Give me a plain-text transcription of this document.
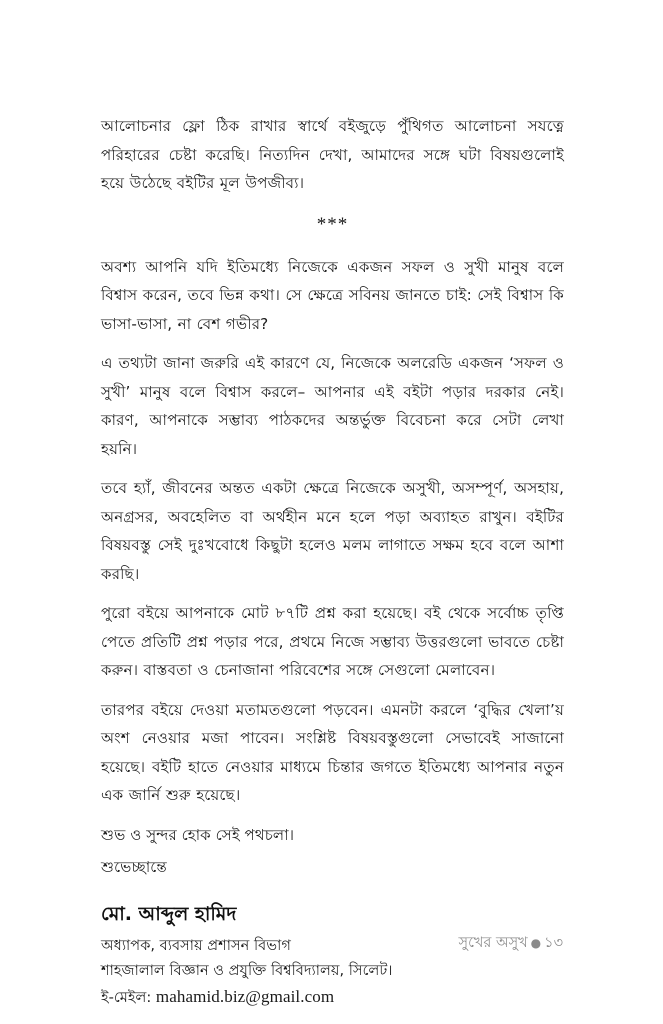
আলোচনার ফ্লো ঠিক রাখার স্বার্থে বইজুড়ে পুঁথিগত আলোচনা সযত্নে পরিহারের চেষ্টা করেছি। নিত্যদিন দেখা, আমাদের সঙ্গে ঘটা বিষয়গুলোই হয়ে উঠেছে বইটির মূল উপজীব্য।

***

অবশ্য আপনি যদি ইতিমধ্যে নিজেকে একজন সফল ও সুখী মানুষ বলে বিশ্বাস করেন, তবে ভিন্ন কথা। সে ক্ষেত্রে সবিনয় জানতে চাই: সেই বিশ্বাস কি ভাসা-ভাসা, না বেশ গভীর?

এ তথ্যটা জানা জরুরি এই কারণে যে, নিজেকে অলরেডি একজন ‘সফল ও সুখী’ মানুষ বলে বিশ্বাস করলে– আপনার এই বইটা পড়ার দরকার নেই। কারণ, আপনাকে সম্ভাব্য পাঠকদের অন্তর্ভুক্ত বিবেচনা করে সেটা লেখা হয়নি।

তবে হ্যাঁ, জীবনের অন্তত একটা ক্ষেত্রে নিজেকে অসুখী, অসম্পূর্ণ, অসহায়, অনগ্রসর, অবহেলিত বা অর্থহীন মনে হলে পড়া অব্যাহত রাখুন। বইটির বিষয়বস্তু সেই দুঃখবোধে কিছুটা হলেও মলম লাগাতে সক্ষম হবে বলে আশা করছি।

পুরো বইয়ে আপনাকে মোট ৮৭টি প্রশ্ন করা হয়েছে। বই থেকে সর্বোচ্চ তৃপ্তি পেতে প্রতিটি প্রশ্ন পড়ার পরে, প্রথমে নিজে সম্ভাব্য উত্তরগুলো ভাবতে চেষ্টা করুন। বাস্তবতা ও চেনাজানা পরিবেশের সঙ্গে সেগুলো মেলাবেন।

তারপর বইয়ে দেওয়া মতামতগুলো পড়বেন। এমনটা করলে ‘বুদ্ধির খেলা’য় অংশ নেওয়ার মজা পাবেন। সংশ্লিষ্ট বিষয়বস্তুগুলো সেভাবেই সাজানো হয়েছে। বইটি হাতে নেওয়ার মাধ্যমে চিন্তার জগতে ইতিমধ্যে আপনার নতুন এক জার্নি শুরু হয়েছে।

শুভ ও সুন্দর হোক সেই পথচলা।

শুভেচ্ছান্তে

মো. আব্দুল হামিদ

অধ্যাপক, ব্যবসায় প্রশাসন বিভাগ

শাহজালাল বিজ্ঞান ও প্রযুক্তি বিশ্ববিদ্যালয়, সিলেট।

ই-মেইল: mahamid.biz@gmail.com

সুখের অসুখ ● ১৩
